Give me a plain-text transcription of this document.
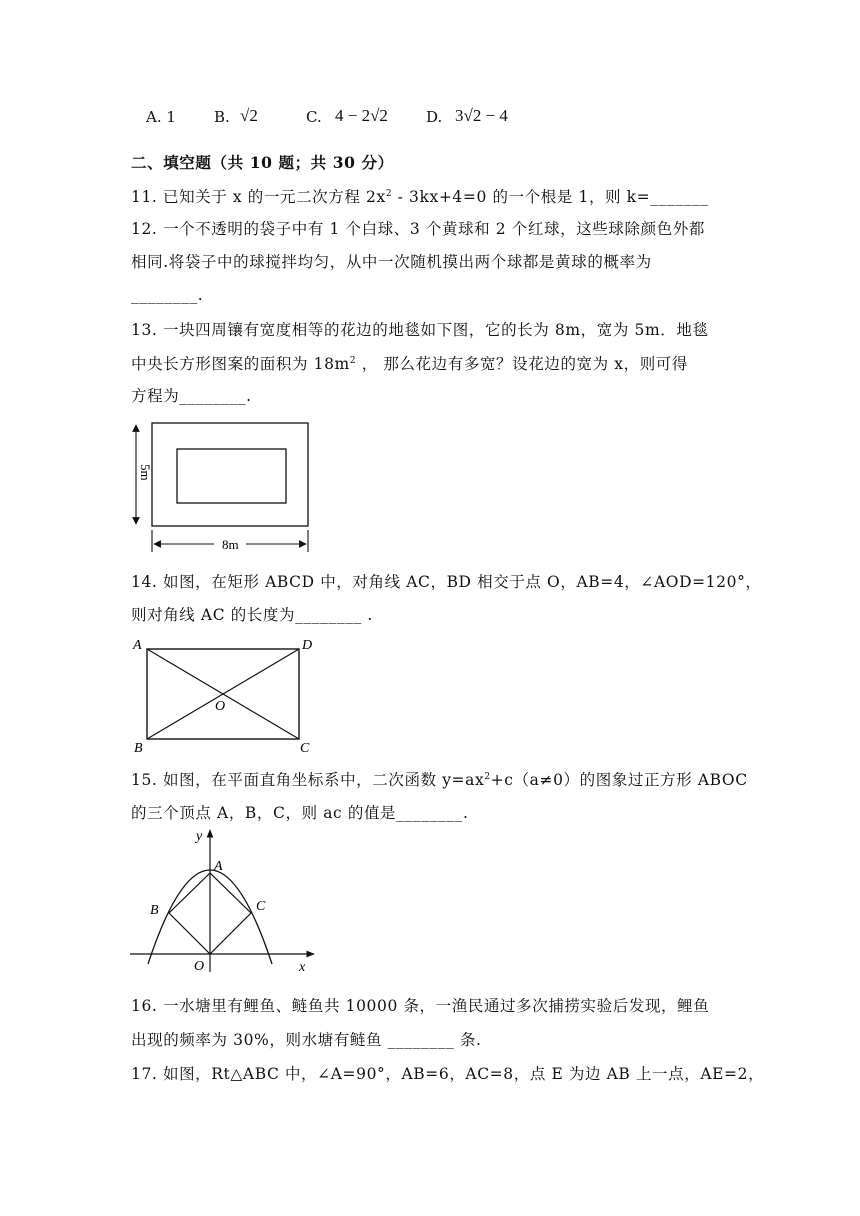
A. 1	B. √2	C. 4 − 2√2	D. 3√2 − 4
二、填空题（共 10 题；共 30 分）
11. 已知关于 x 的一元二次方程 $2x^2 - 3kx+4=0$ 的一个根是 1，则 k=_______
12. 一个不透明的袋子中有 1 个白球、3 个黄球和 2 个红球，这些球除颜色外都
相同.将袋子中的球搅拌均匀，从中一次随机摸出两个球都是黄球的概率为
________.
13. 一块四周镶有宽度相等的花边的地毯如下图，它的长为 8m，宽为 5m．地毯
中央长方形图案的面积为 $18m^2$ ， 那么花边有多宽？设花边的宽为 x，则可得
方程为________.
5m
8m
14. 如图，在矩形 ABCD 中，对角线 AC，BD 相交于点 O，AB=4，∠AOD=120°，
则对角线 AC 的长度为________ .
A	D
B	C
O
15. 如图，在平面直角坐标系中，二次函数 $y=ax^2+c(a\ne 0)$的图象过正方形 ABOC
的三个顶点 A，B，C，则 ac 的值是________.
y
x
A
B	C
O
16. 一水塘里有鲤鱼、鲢鱼共 10000 条，一渔民通过多次捕捞实验后发现，鲤鱼
出现的频率为 30%，则水塘有鲢鱼 ________ 条.
17. 如图，Rt△ABC 中，∠A=90°，AB=6，AC=8，点 E 为边 AB 上一点，AE=2，
